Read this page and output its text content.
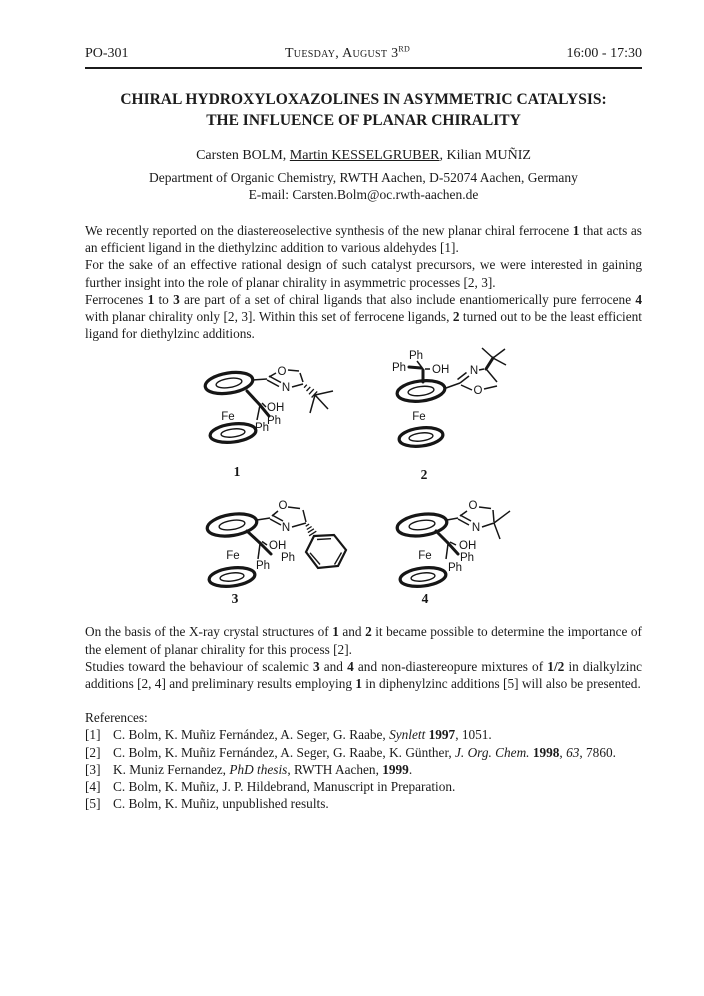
PO-301	Tuesday, August 3RD	16:00 - 17:30
CHIRAL HYDROXYLOXAZOLINES IN ASYMMETRIC CATALYSIS:
THE INFLUENCE OF PLANAR CHIRALITY
Carsten BOLM, Martin KESSELGRUBER, Kilian MUÑIZ
Department of Organic Chemistry, RWTH Aachen, D-52074 Aachen, Germany
E-mail: Carsten.Bolm@oc.rwth-aachen.de

We recently reported on the diastereoselective synthesis of the new planar chiral ferrocene 1 that acts as an efficient ligand in the diethylzinc addition to various aldehydes [1].

For the sake of an effective rational design of such catalyst precursors, we were interested in gaining further insight into the role of planar chirality in asymmetric processes [2, 3].

Ferrocenes 1 to 3 are part of a set of chiral ligands that also include enantiomerically pure ferrocene 4 with planar chirality only [2, 3]. Within this set of ferrocene ligands, 2 turned out to be the least efficient ligand for diethylzinc additions.

O
N
OH
Ph
Ph
Fe
1
Ph
Ph OH N
O
Fe
2
O
N
OH
Ph
Ph
Fe
3
O
N
OH
Ph
Ph
Fe
4

On the basis of the X-ray crystal structures of 1 and 2 it became possible to determine the importance of the element of planar chirality for this process [2].

Studies toward the behaviour of scalemic 3 and 4 and non-diastereopure mixtures of 1/2 in dialkylzinc additions [2, 4] and preliminary results employing 1 in diphenylzinc additions [5] will also be presented.

References:

[1] C. Bolm, K. Muñiz Fernández, A. Seger, G. Raabe, Synlett 1997, 1051.
[2] C. Bolm, K. Muñiz Fernández, A. Seger, G. Raabe, K. Günther, J. Org. Chem. 1998, 63, 7860.
[3] K. Muniz Fernandez, PhD thesis, RWTH Aachen, 1999.
[4] C. Bolm, K. Muñiz, J. P. Hildebrand, Manuscript in Preparation.
[5] C. Bolm, K. Muñiz, unpublished results.
